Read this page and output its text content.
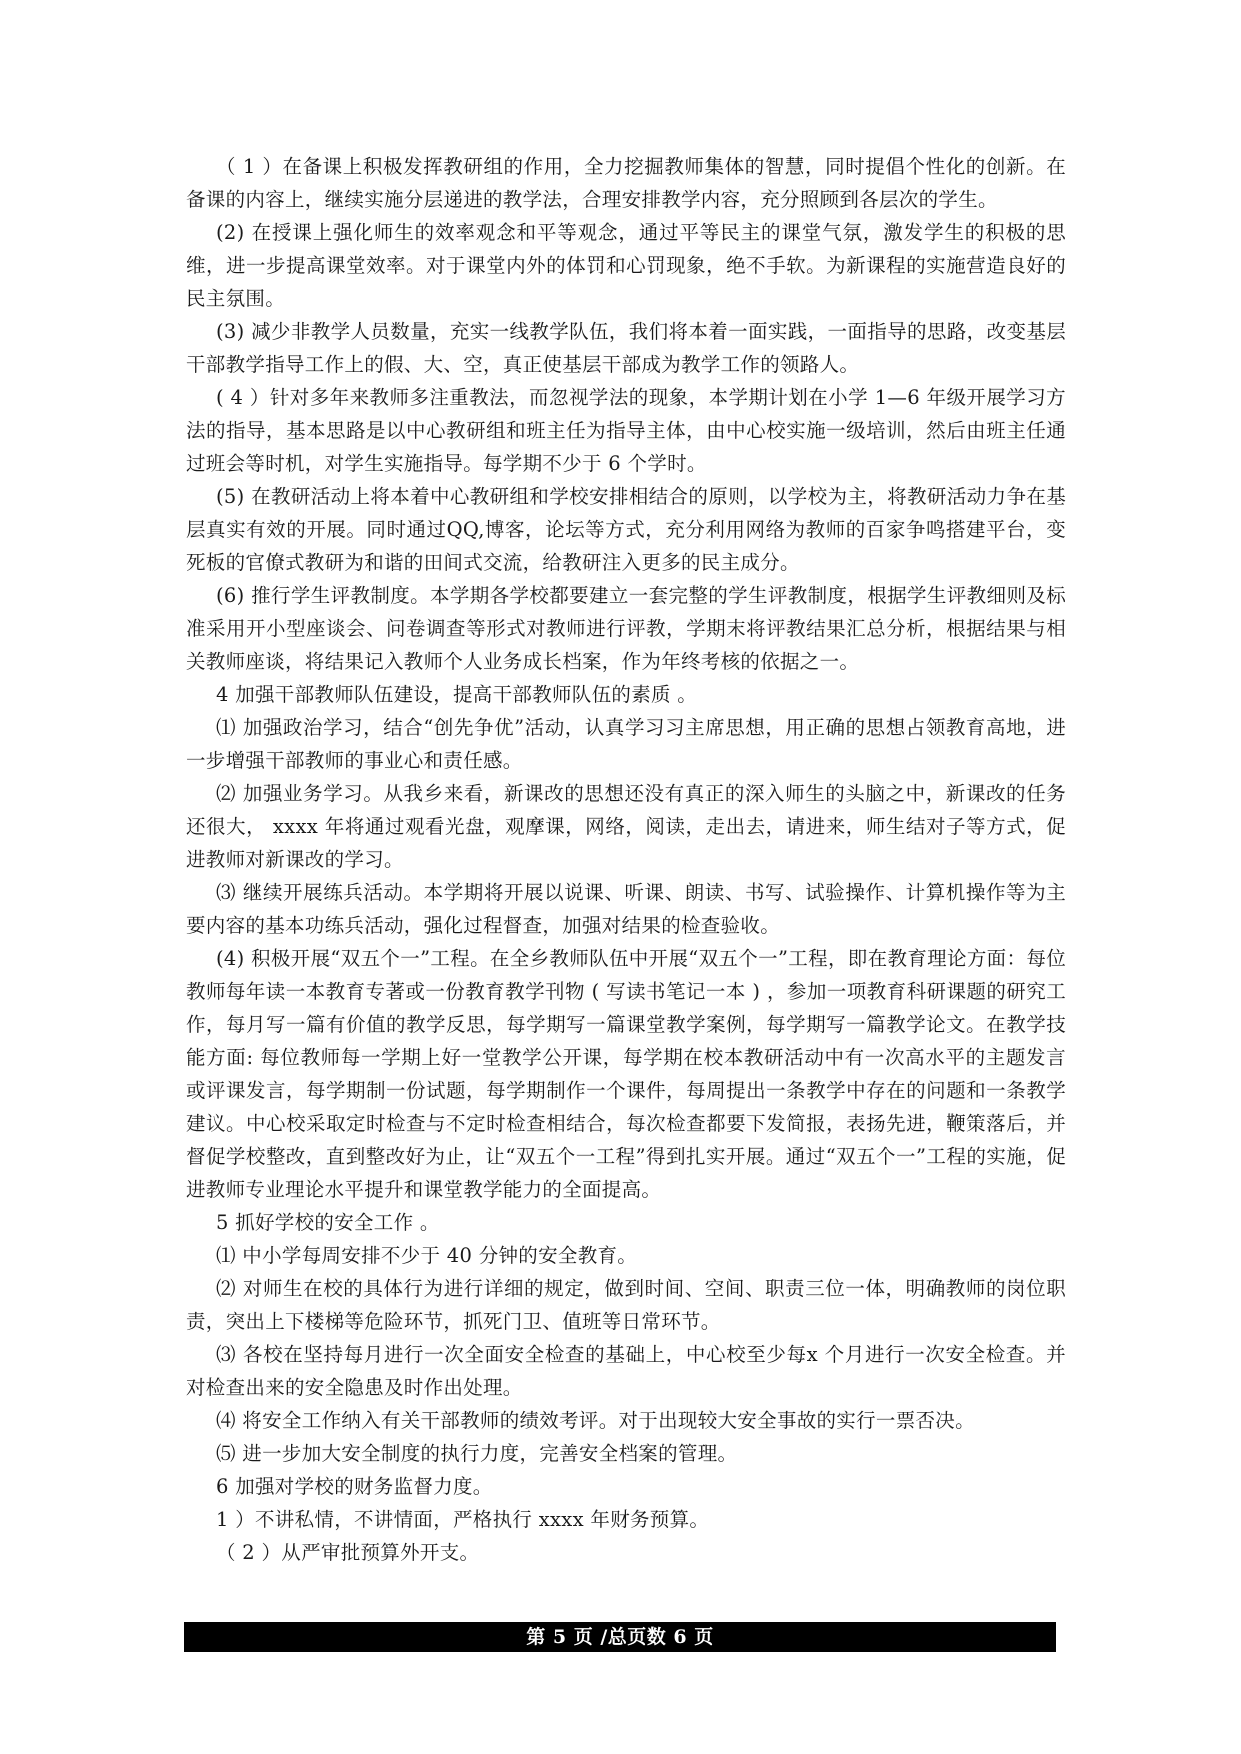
（ 1 ）在备课上积极发挥教研组的作用，全力挖掘教师集体的智慧，同时提倡个性化的创新。在备课的内容上，继续实施分层递进的教学法，合理安排教学内容，充分照顾到各层次的学生。

(2) 在授课上强化师生的效率观念和平等观念，通过平等民主的课堂气氛，激发学生的积极的思维，进一步提高课堂效率。对于课堂内外的体罚和心罚现象，绝不手软。为新课程的实施营造良好的民主氛围。

(3) 减少非教学人员数量，充实一线教学队伍，我们将本着一面实践，一面指导的思路，改变基层干部教学指导工作上的假、大、空，真正使基层干部成为教学工作的领路人。

( 4 ）针对多年来教师多注重教法，而忽视学法的现象，本学期计划在小学 1—6 年级开展学习方法的指导，基本思路是以中心教研组和班主任为指导主体，由中心校实施一级培训，然后由班主任通过班会等时机，对学生实施指导。每学期不少于 6 个学时。

(5) 在教研活动上将本着中心教研组和学校安排相结合的原则，以学校为主，将教研活动力争在基层真实有效的开展。同时通过QQ,博客，论坛等方式，充分利用网络为教师的百家争鸣搭建平台，变死板的官僚式教研为和谐的田间式交流，给教研注入更多的民主成分。

(6) 推行学生评教制度。本学期各学校都要建立一套完整的学生评教制度，根据学生评教细则及标准采用开小型座谈会、问卷调查等形式对教师进行评教，学期末将评教结果汇总分析，根据结果与相关教师座谈，将结果记入教师个人业务成长档案，作为年终考核的依据之一。

4 加强干部教师队伍建设，提高干部教师队伍的素质 。

⑴ 加强政治学习，结合“创先争优”活动，认真学习习主席思想，用正确的思想占领教育高地，进一步增强干部教师的事业心和责任感。

⑵ 加强业务学习。从我乡来看，新课改的思想还没有真正的深入师生的头脑之中，新课改的任务还很大， xxxx 年将通过观看光盘，观摩课，网络，阅读，走出去，请进来，师生结对子等方式，促进教师对新课改的学习。

⑶ 继续开展练兵活动。本学期将开展以说课、听课、朗读、书写、试验操作、计算机操作等为主要内容的基本功练兵活动，强化过程督查，加强对结果的检查验收。

(4) 积极开展“双五个一”工程。在全乡教师队伍中开展“双五个一”工程，即在教育理论方面：每位教师每年读一本教育专著或一份教育教学刊物 ( 写读书笔记一本 ) ，参加一项教育科研课题的研究工作，每月写一篇有价值的教学反思，每学期写一篇课堂教学案例，每学期写一篇教学论文。在教学技能方面: 每位教师每一学期上好一堂教学公开课，每学期在校本教研活动中有一次高水平的主题发言或评课发言，每学期制一份试题，每学期制作一个课件，每周提出一条教学中存在的问题和一条教学建议。中心校采取定时检查与不定时检查相结合，每次检查都要下发简报，表扬先进，鞭策落后，并督促学校整改，直到整改好为止，让“双五个一工程”得到扎实开展。通过“双五个一”工程的实施，促进教师专业理论水平提升和课堂教学能力的全面提高。

5 抓好学校的安全工作 。

⑴ 中小学每周安排不少于 40 分钟的安全教育。

⑵ 对师生在校的具体行为进行详细的规定，做到时间、空间、职责三位一体，明确教师的岗位职责，突出上下楼梯等危险环节，抓死门卫、值班等日常环节。

⑶ 各校在坚持每月进行一次全面安全检查的基础上，中心校至少每x 个月进行一次安全检查。并对检查出来的安全隐患及时作出处理。

⑷ 将安全工作纳入有关干部教师的绩效考评。对于出现较大安全事故的实行一票否决。

⑸ 进一步加大安全制度的执行力度，完善安全档案的管理。

6 加强对学校的财务监督力度。

1 ）不讲私情，不讲情面，严格执行 xxxx 年财务预算。

（ 2 ）从严审批预算外开支。

第 5 页 /总页数 6 页
